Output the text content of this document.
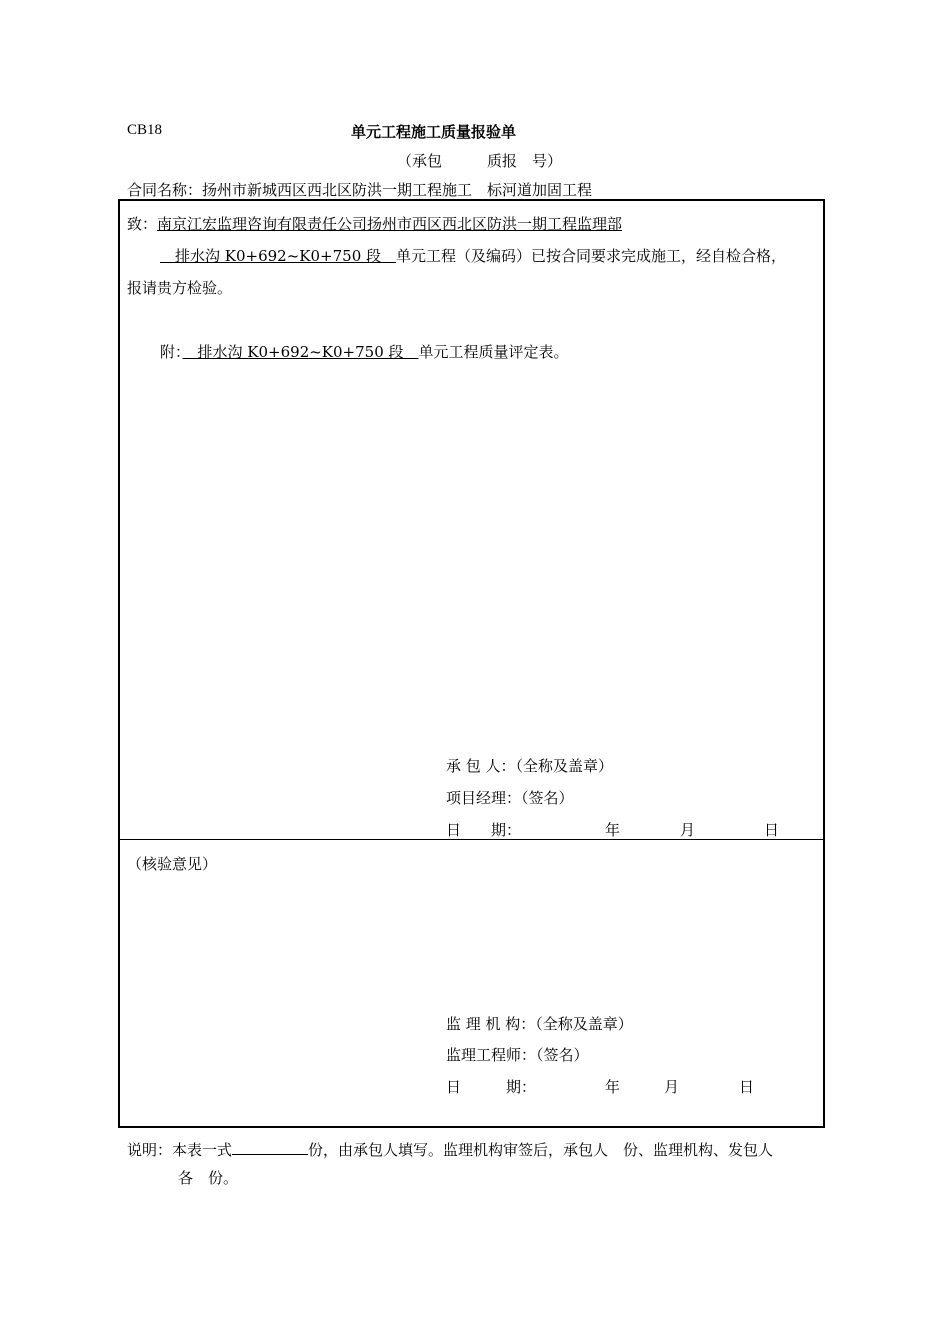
CB18	单元工程施工质量报验单
（承包　　　质报　号）
合同名称：扬州市新城西区西北区防洪一期工程施工　标河道加固工程
致：南京江宏监理咨询有限责任公司扬州市西区西北区防洪一期工程监理部
　排水沟 K0+692~K0+750 段　单元工程（及编码）已按合同要求完成施工，经自检合格，
报请贵方检验。
附：　排水沟 K0+692~K0+750 段　单元工程质量评定表。
承 包 人：（全称及盖章）
项目经理：（签名）
日　　期：	年	月	日
（核验意见）
监 理 机 构：（全称及盖章）
监理工程师：（签名）
日　　　期：	年	月	日
说明：本表一式	份，由承包人填写。监理机构审签后，承包人　份、监理机构、发包人
各　份。
